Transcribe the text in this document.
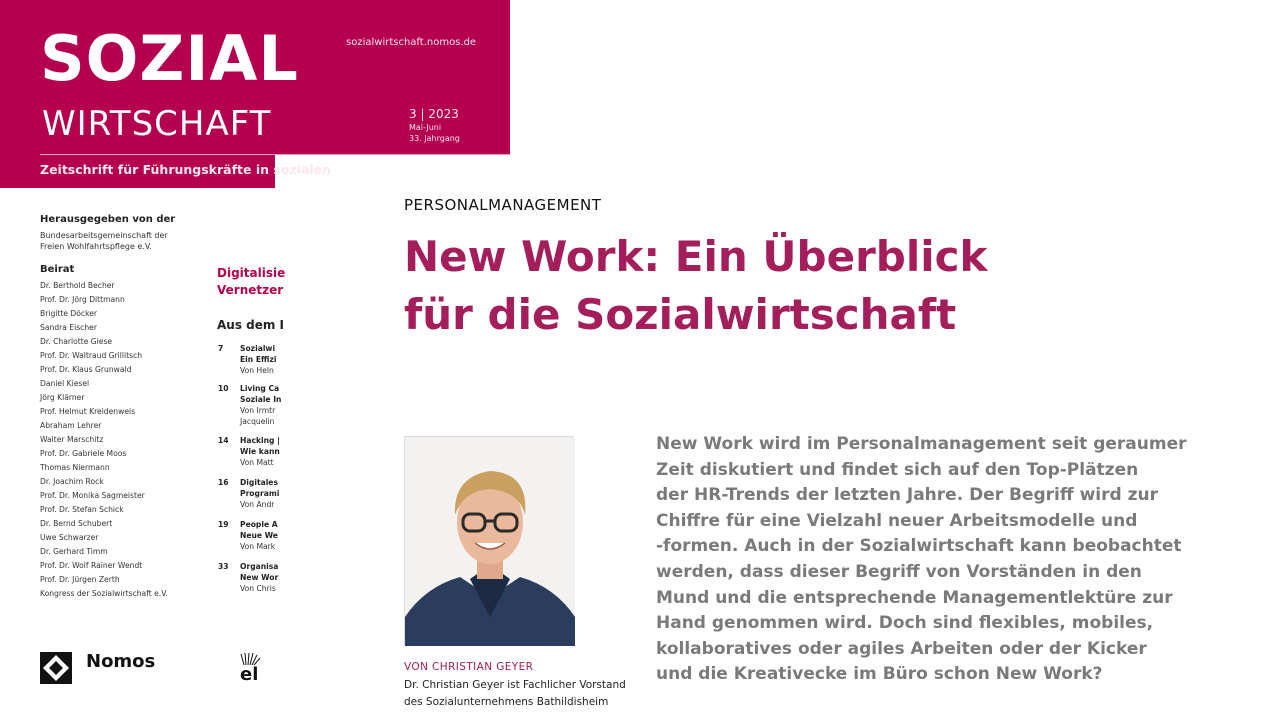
Herausgegeben von der
Bundesarbeitsgemeinschaft der
Freien Wohlfahrtspflege e.V.
Beirat
Dr. Berthold Becher
Prof. Dr. Jörg Dittmann
Brigitte Döcker
Sandra Eischer
Dr. Charlotte Giese
Prof. Dr. Waltraud Grillitsch
Prof. Dr. Klaus Grunwald
Daniel Kiesel
Jörg Klärner
Prof. Helmut Kreidenweis
Abraham Lehrer
Walter Marschitz
Prof. Dr. Gabriele Moos
Thomas Niermann
Dr. Joachim Rock
Prof. Dr. Monika Sagmeister
Prof. Dr. Stefan Schick
Dr. Bernd Schubert
Uwe Schwarzer
Dr. Gerhard Timm
Prof. Dr. Wolf Rainer Wendt
Prof. Dr. Jürgen Zerth
Kongress der Sozialwirtschaft e.V.
Digitalisie
Vernetzer
Aus dem I
7 Sozialwi
Ein Effizi
Von Heln
10 Living Ca
Soziale In
Von Irmtr
Jacquelin
14 Hacking |
Wie kann
Von Matt
16 Digitales
Programi
Von Andr
19 People A
Neue We
Von Mark
33 Organisa
New Wor
Von Chris
Nomos
el
SOZIAL
WIRTSCHAFT
Zeitschrift für Führungskräfte in sozialen
sozialwirtschaft.nomos.de
3 | 2023
Mai-Juni
33. Jahrgang
PERSONALMANAGEMENT
New Work: Ein Überblick
für die Sozialwirtschaft
VON CHRISTIAN GEYER
Dr. Christian Geyer ist Fachlicher Vorstand
des Sozialunternehmens Bathildisheim
New Work wird im Personalmanagement seit geraumer
Zeit diskutiert und findet sich auf den Top-Plätzen
der HR-Trends der letzten Jahre. Der Begriff wird zur
Chiffre für eine Vielzahl neuer Arbeitsmodelle und
-formen. Auch in der Sozialwirtschaft kann beobachtet
werden, dass dieser Begriff von Vorständen in den
Mund und die entsprechende Managementlektüre zur
Hand genommen wird. Doch sind flexibles, mobiles,
kollaboratives oder agiles Arbeiten oder der Kicker
und die Kreativecke im Büro schon New Work?
